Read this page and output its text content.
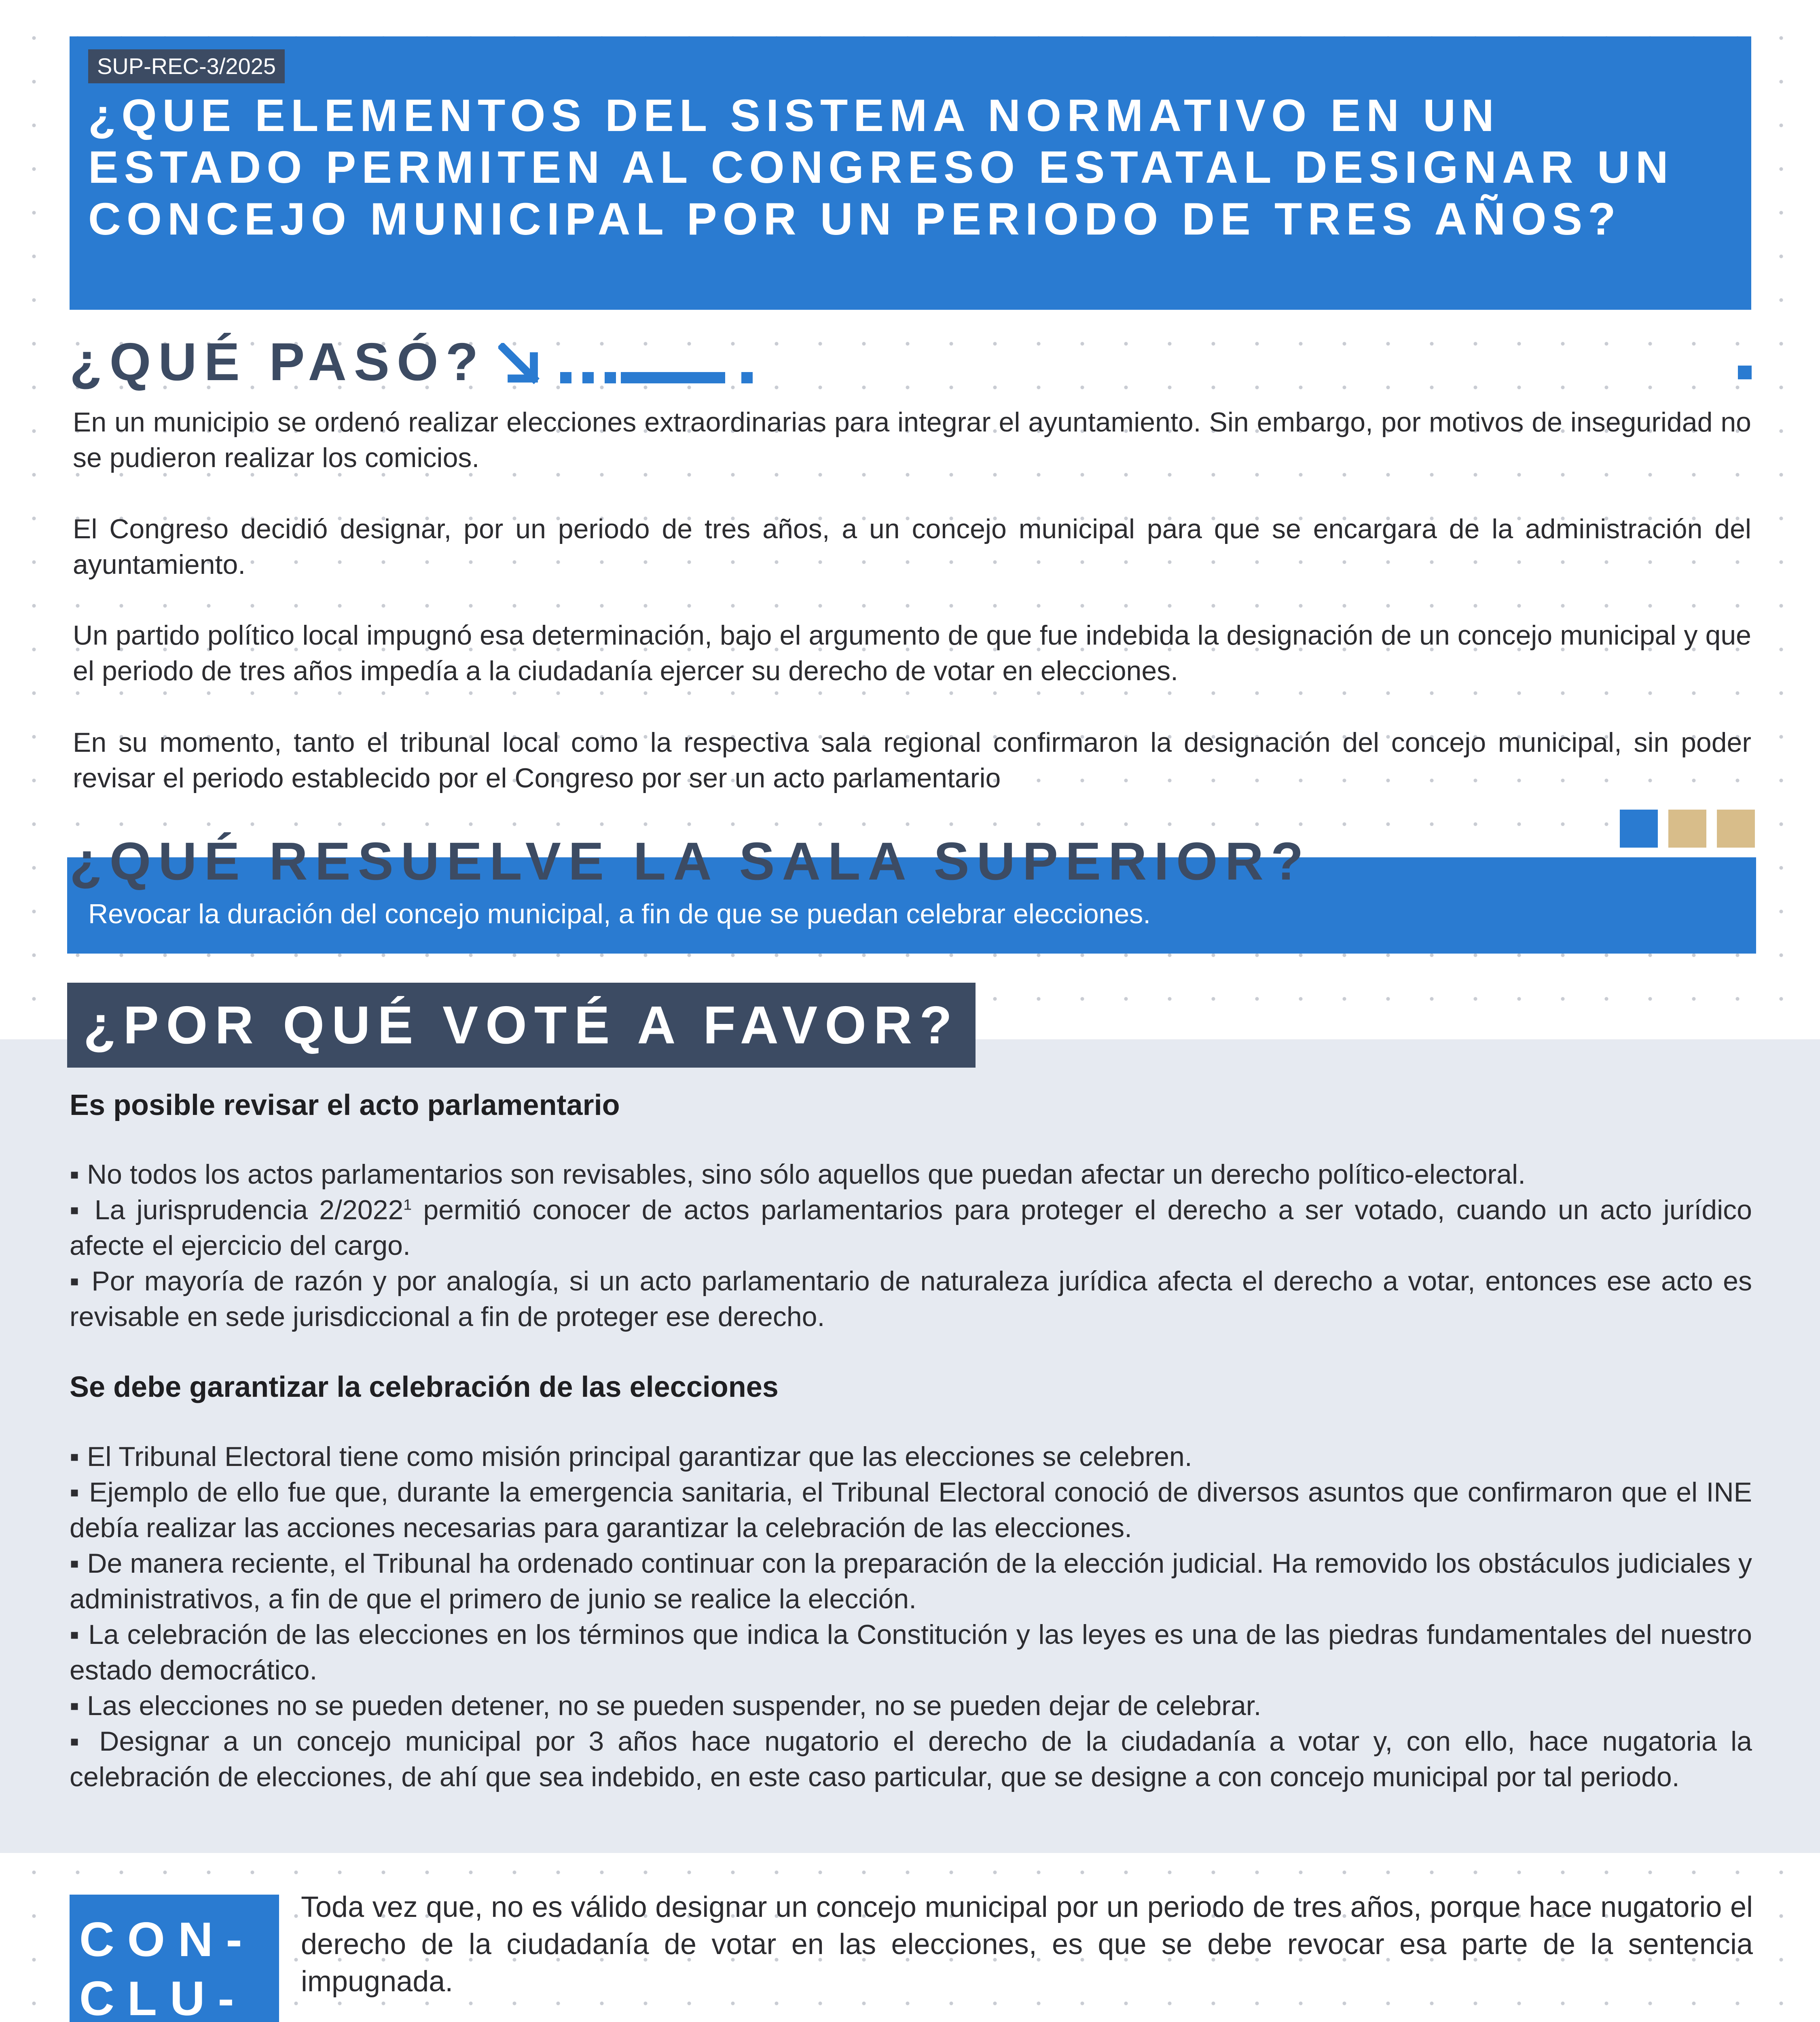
SUP-REC-3/2025
¿QUE ELEMENTOS DEL SISTEMA NORMATIVO EN UN ESTADO PERMITEN AL CONGRESO ESTATAL DESIGNAR UN CONCEJO MUNICIPAL POR UN PERIODO DE TRES AÑOS?
¿QUÉ PASÓ?
En un municipio se ordenó realizar elecciones extraordinarias para integrar el ayuntamiento. Sin embargo, por motivos de inseguridad no se pudieron realizar los comicios.
El Congreso decidió designar, por un periodo de tres años, a un concejo municipal para que se encargara de la administración del ayuntamiento.
Un partido político local impugnó esa determinación, bajo el argumento de que fue indebida la designación de un concejo municipal y que el periodo de tres años impedía a la ciudadanía ejercer su derecho de votar en elecciones.
En su momento, tanto el tribunal local como la respectiva sala regional confirmaron la designación del concejo municipal, sin poder revisar el periodo establecido por el Congreso por ser un acto parlamentario
¿QUÉ RESUELVE LA SALA SUPERIOR?
Revocar la duración del concejo municipal, a fin de que se puedan celebrar elecciones.
¿POR QUÉ VOTÉ A FAVOR?
Es posible revisar el acto parlamentario

▪ No todos los actos parlamentarios son revisables, sino sólo aquellos que puedan afectar un derecho político-electoral.

▪ La jurisprudencia 2/2022$^1$ permitió conocer de actos parlamentarios para proteger el derecho a ser votado, cuando un acto jurídico afecte el ejercicio del cargo.

▪ Por mayoría de razón y por analogía, si un acto parlamentario de naturaleza jurídica afecta el derecho a votar, entonces ese acto es revisable en sede jurisdiccional a fin de proteger ese derecho.

Se debe garantizar la celebración de las elecciones

▪ El Tribunal Electoral tiene como misión principal garantizar que las elecciones se celebren.

▪ Ejemplo de ello fue que, durante la emergencia sanitaria, el Tribunal Electoral conoció de diversos asuntos que confirmaron que el INE debía realizar las acciones necesarias para garantizar la celebración de las elecciones.

▪ De manera reciente, el Tribunal ha ordenado continuar con la preparación de la elección judicial. Ha removido los obstáculos judiciales y administrativos, a fin de que el primero de junio se realice la elección.

▪ La celebración de las elecciones en los términos que indica la Constitución y las leyes es una de las piedras fundamentales del nuestro estado democrático.

▪ Las elecciones no se pueden detener, no se pueden suspender, no se pueden dejar de celebrar.

▪ Designar a un concejo municipal por 3 años hace nugatorio el derecho de la ciudadanía a votar y, con ello, hace nugatoria la celebración de elecciones, de ahí que sea indebido, en este caso particular, que se designe a con concejo municipal por tal periodo.

CON-
CLU-
Toda vez que, no es válido designar un concejo municipal por un periodo de tres años, porque hace nugatorio el derecho de la ciudadanía de votar en las elecciones, es que se debe revocar esa parte de la sentencia impugnada.
